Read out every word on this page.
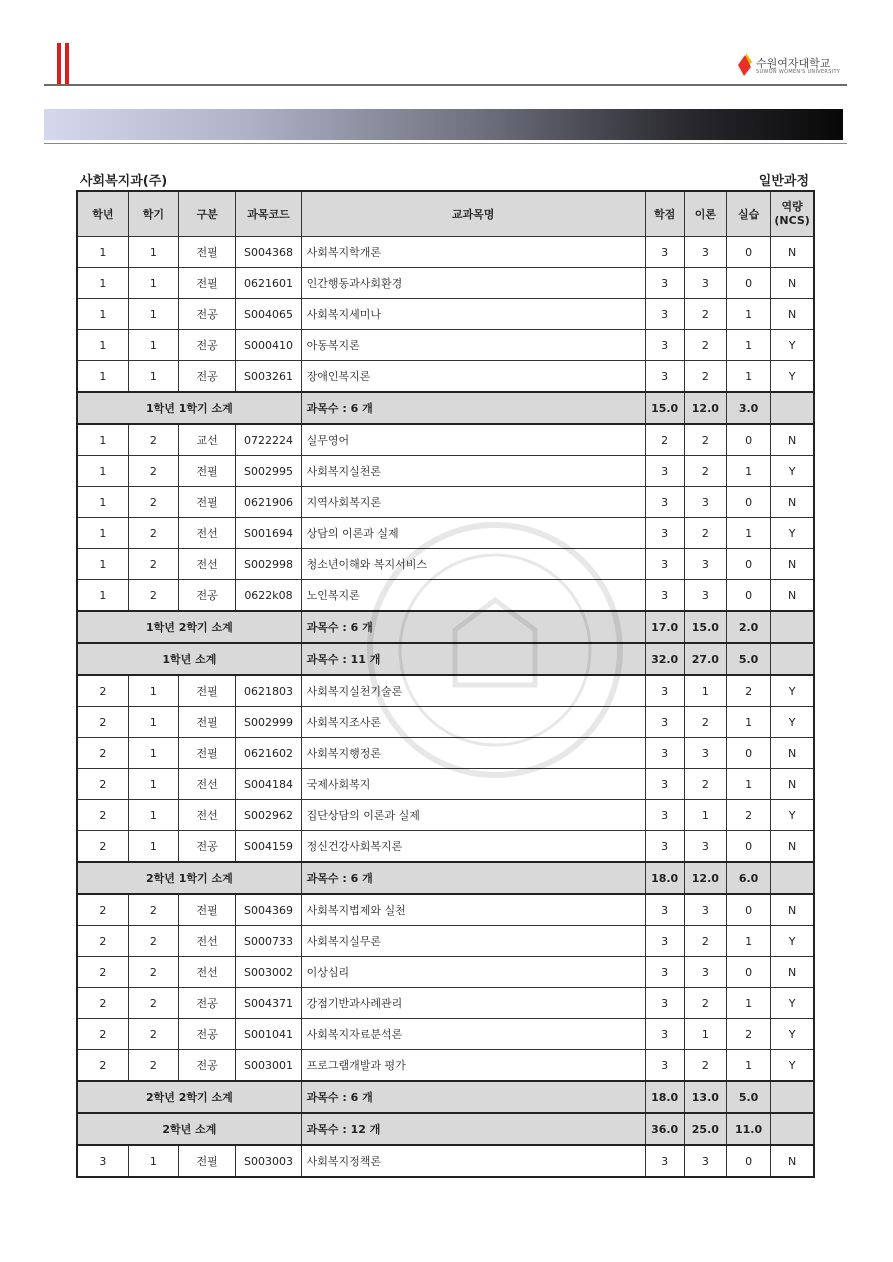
수원여자대학교
SUWON WOMEN'S UNIVERSITY
사회복지과(주)	일반과정
학년	학기	구분	과목코드	교과목명	학점	이론	실습	역량(NCS)
1	1	전필	S004368	사회복지학개론	3	3	0	N
1	1	전필	0621601	인간행동과사회환경	3	3	0	N
1	1	전공	S004065	사회복지세미나	3	2	1	N
1	1	전공	S000410	아동복지론	3	2	1	Y
1	1	전공	S003261	장애인복지론	3	2	1	Y
1학년 1학기 소계				과목수 : 6 개	15.0	12.0	3.0	
1	2	교선	0722224	실무영어	2	2	0	N
1	2	전필	S002995	사회복지실천론	3	2	1	Y
1	2	전필	0621906	지역사회복지론	3	3	0	N
1	2	전선	S001694	상담의 이론과 실제	3	2	1	Y
1	2	전선	S002998	청소년이해와 복지서비스	3	3	0	N
1	2	전공	0622k08	노인복지론	3	3	0	N
1학년 2학기 소계				과목수 : 6 개	17.0	15.0	2.0	
1학년 소계				과목수 : 11 개	32.0	27.0	5.0	
2	1	전필	0621803	사회복지실천기술론	3	1	2	Y
2	1	전필	S002999	사회복지조사론	3	2	1	Y
2	1	전필	0621602	사회복지행정론	3	3	0	N
2	1	전선	S004184	국제사회복지	3	2	1	N
2	1	전선	S002962	집단상담의 이론과 실제	3	1	2	Y
2	1	전공	S004159	정신건강사회복지론	3	3	0	N
2학년 1학기 소계				과목수 : 6 개	18.0	12.0	6.0	
2	2	전필	S004369	사회복지법제와 실천	3	3	0	N
2	2	전선	S000733	사회복지실무론	3	2	1	Y
2	2	전선	S003002	이상심리	3	3	0	N
2	2	전공	S004371	강점기반과사례관리	3	2	1	Y
2	2	전공	S001041	사회복지자료분석론	3	1	2	Y
2	2	전공	S003001	프로그램개발과 평가	3	2	1	Y
2학년 2학기 소계				과목수 : 6 개	18.0	13.0	5.0	
2학년 소계				과목수 : 12 개	36.0	25.0	11.0	
3	1	전필	S003003	사회복지정책론	3	3	0	N
